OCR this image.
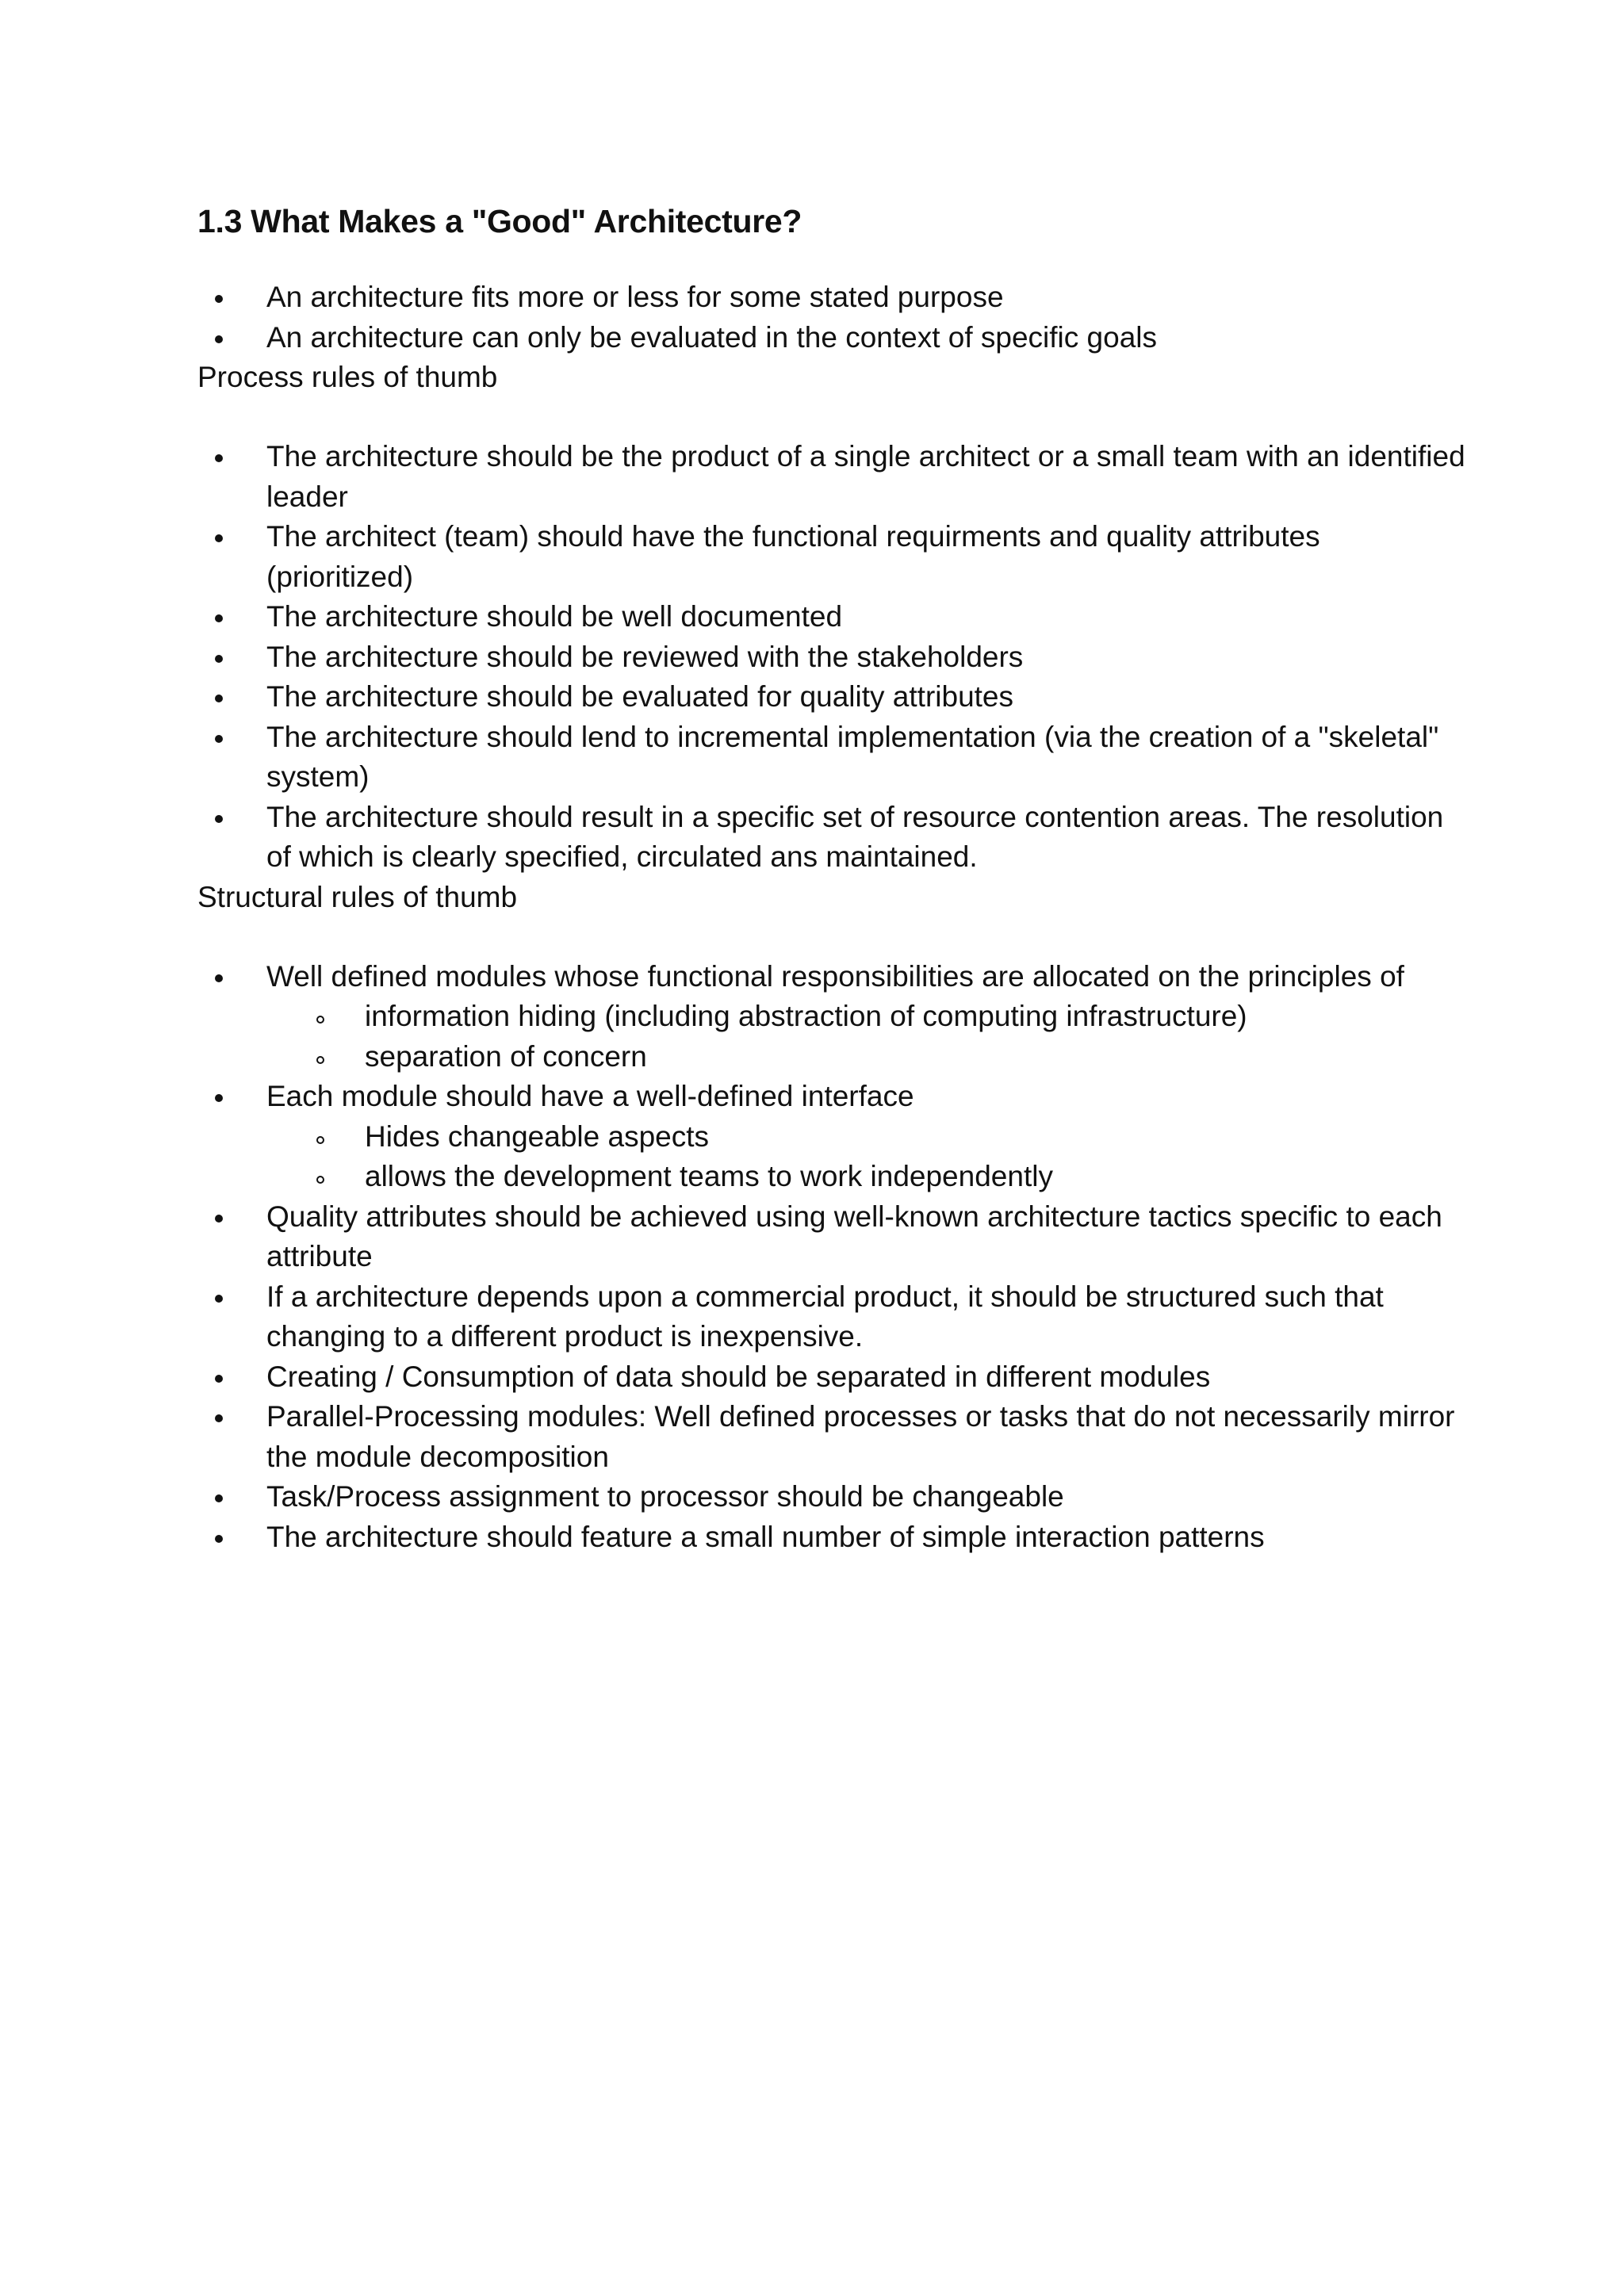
1.3 What Makes a "Good" Architecture?
An architecture fits more or less for some stated purpose
An architecture can only be evaluated in the context of specific goals
Process rules of thumb
The architecture should be the product of a single architect or a small team with an identified leader
The architect (team) should have the functional requirments and quality attributes (prioritized)
The architecture should be well documented
The architecture should be reviewed with the stakeholders
The architecture should be evaluated for quality attributes
The architecture should lend to incremental implementation (via the creation of a "skeletal" system)
The architecture should result in a specific set of resource contention areas. The resolution of which is clearly specified, circulated ans maintained.
Structural rules of thumb
Well defined modules whose functional responsibilities are allocated on the principles of
information hiding (including abstraction of computing infrastructure)
separation of concern
Each module should have a well-defined interface
Hides changeable aspects
allows the development teams to work independently
Quality attributes should be achieved using well-known architecture tactics specific to each attribute
If a architecture depends upon a commercial product, it should be structured such that changing to a different product is inexpensive.
Creating / Consumption of data should be separated in different modules
Parallel-Processing modules: Well defined processes or tasks that do not necessarily mirror the module decomposition
Task/Process assignment to processor should be changeable
The architecture should feature a small number of simple interaction patterns
